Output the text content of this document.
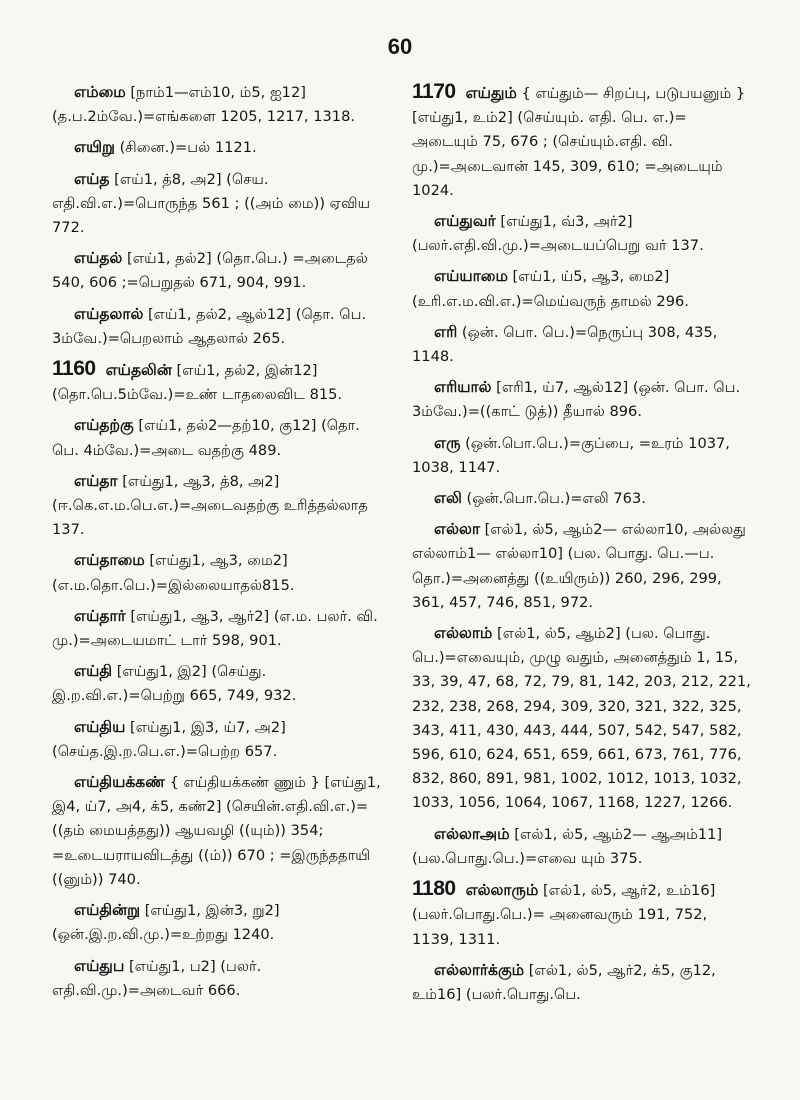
60

எம்மை [நாம்1—எம்10, ம்5, ஐ12] (த.ப.2ம்வே.)=எங்களை 1205, 1217, 1318.

எயிறு (சினை.)=பல் 1121.

எய்த [எய்1, த்8, அ2] (செய. எதி.வி.எ.)=பொருந்த 561 ; ((அம் மை)) ஏவிய 772.

எய்தல் [எய்1, தல்2] (தொ.பெ.) =அடைதல் 540, 606 ;=பெறுதல் 671, 904, 991.

எய்தலால் [எய்1, தல்2, ஆல்12] (தொ. பெ. 3ம்வே.)=பெறலாம் ஆதலால் 265.

1160 எய்தலின் [எய்1, தல்2, இன்12] (தொ.பெ.5ம்வே.)=உண் டாதலைவிட 815.

எய்தற்கு [எய்1, தல்2—தற்10, கு12] (தொ. பெ. 4ம்வே.)=அடை வதற்கு 489.

எய்தா [எய்து1, ஆ3, த்8, அ2] (ஈ.கெ.எ.ம.பெ.எ.)=அடைவதற்கு உரித்தல்லாத 137.

எய்தாமை [எய்து1, ஆ3, மை2] (எ.ம.தொ.பெ.)=இல்லையாதல்815.

எய்தார் [எய்து1, ஆ3, ஆர்2] (எ.ம. பலர். வி. மு.)=அடையமாட் டார் 598, 901.

எய்தி [எய்து1, இ2] (செய்து. இ.ற.வி.எ.)=பெற்று 665, 749, 932.

எய்திய [எய்து1, இ3, ய்7, அ2] (செய்த.இ.ற.பெ.எ.)=பெற்ற 657.

எய்தியக்கண் { எய்தியக்கண் ணும் } [எய்து1, இ4, ய்7, அ4, க்5, கண்2] (செயின்.எதி.வி.எ.)=((தம் மையத்தது)) ஆயவழி ((யும்)) 354; =உடையராயவிடத்து ((ம்)) 670 ; =இருந்ததாயி ((னும்)) 740.

எய்தின்று [எய்து1, இன்3, று2] (ஒன்.இ.ற.வி.மு.)=உற்றது 1240.

எய்துப [எய்து1, ப2] (பலர். எதி.வி.மு.)=அடைவர் 666.

1170 எய்தும் { எய்தும்— சிறப்பு, படுபயனும் } [எய்து1, உம்2] (செய்யும். எதி. பெ. எ.)= அடையும் 75, 676 ; (செய்யும்.எதி. வி. மு.)=அடைவான் 145, 309, 610; =அடையும் 1024.

எய்துவர் [எய்து1, வ்3, அர்2] (பலர்.எதி.வி.மு.)=அடையப்பெறு வர் 137.

எய்யாமை [எய்1, ய்5, ஆ3, மை2] (உரி.எ.ம.வி.எ.)=மெய்வருந் தாமல் 296.

எரி (ஒன். பொ. பெ.)=நெருப்பு 308, 435, 1148.

எரியால் [எரி1, ய்7, ஆல்12] (ஒன். பொ. பெ. 3ம்வே.)=((காட் டுத்)) தீயால் 896.

எரு (ஒன்.பொ.பெ.)=குப்பை, =உரம் 1037, 1038, 1147.

எலி (ஒன்.பொ.பெ.)=எலி 763.

எல்லா [எல்1, ல்5, ஆம்2— எல்லா10, அல்லது எல்லாம்1— எல்லா10] (பல. பொது. பெ.—ப. தொ.)=அனைத்து ((உயிரும்)) 260, 296, 299, 361, 457, 746, 851, 972.

எல்லாம் [எல்1, ல்5, ஆம்2] (பல. பொது. பெ.)=எவையும், முழு வதும், அனைத்தும் 1, 15, 33, 39, 47, 68, 72, 79, 81, 142, 203, 212, 221, 232, 238, 268, 294, 309, 320, 321, 322, 325, 343, 411, 430, 443, 444, 507, 542, 547, 582, 596, 610, 624, 651, 659, 661, 673, 761, 776, 832, 860, 891, 981, 1002, 1012, 1013, 1032, 1033, 1056, 1064, 1067, 1168, 1227, 1266.

எல்லாஅம் [எல்1, ல்5, ஆம்2— ஆஅம்11] (பல.பொது.பெ.)=எவை யும் 375.

1180 எல்லாரும் [எல்1, ல்5, ஆர்2, உம்16] (பலர்.பொது.பெ.)= அனைவரும் 191, 752, 1139, 1311.

எல்லார்க்கும் [எல்1, ல்5, ஆர்2, க்5, கு12, உம்16] (பலர்.பொது.பெ.
